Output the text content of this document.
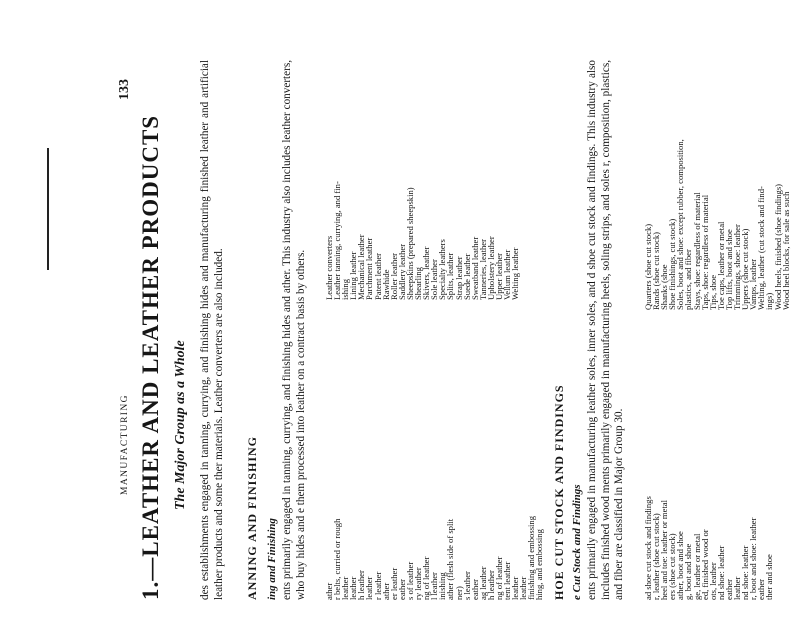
MANUFACTURING
133
1.—LEATHER AND LEATHER PRODUCTS The Major Group as a Whole des establishments engaged in tanning, currying, and finishing hides and manufacturing finished leather and artificial leather products and some ther materials. Leather converters are also included. ANNING AND FINISHING ing and Finishing ents primarily engaged in tanning, currying, and finishing hides and ather. This industry also includes leather converters, who buy hides and e them processed into leather on a contract basis by others. ather
r belts, curried or rough
leather
leather
h leather
leather
r leather
ather
er leather
eather
s of leather
ry leather
ng of leather
l leather
inishing
ather (flesh side of split
ner)
s leather
eather
ag leather
h leather
ng of leather
tent leather
leather
leather
finishing and embossing
hing, and embossing
Leather converters
Leather tanning, currying, and fin-
ishing
Lining leather
Mechanical leather
Parchment leather
Patent leather
Rawhide
Roller leather
Saddlery leather
Sheepskins (prepared sheepskin)
Shearling
Skivers, leather
Sole leather
Specialty leathers
Splits, leather
Strap leather
Suede leather
Sweatband leather
Tanneries, leather
Upholstery leather
Upper leather
Vellum leather
Welting leather
HOE CUT STOCK AND FINDINGS e Cut Stock and Findings ents primarily engaged in manufacturing leather soles, inner soles, and d shoe cut stock and findings. This industry also includes finished wood ments primarily engaged in manufacturing heels, soling strips, and soles r, composition, plastics, and fiber are classified in Major Group 30. ad shoe cut stock and findings
r, leather (shoe cut stock)
heel and toe: leather or metal
ers (shoe cut stock)
ather, boot and shoe
g, boot and shoe
ge, leather or metal
ed, finished wood or
ots, leather
nd shoe: leather
eather
leather
nd shoe: leather
r, boot and shoe: leather
eather
ther and shoe
Quarters (shoe cut stock)
Rands (shoe cut stock)
Shanks (shoe
Shoe finishings, cut stock)
Soles, boot and shoe: except rubber, composition,
plastics, and fiber
Stays, shoe: regardless of material
Taps, shoe: regardless of material
Tips, shoe
Toe caps, leather or metal
Top lifts, boot and shoe
Trimmings, shoe: leather
Uppers (shoe cut stock)
Vamps, leather
Welting, leather (cut stock and find-
ings)
Wood heels, finished (shoe findings)
Wood heel blocks, for sale as such
